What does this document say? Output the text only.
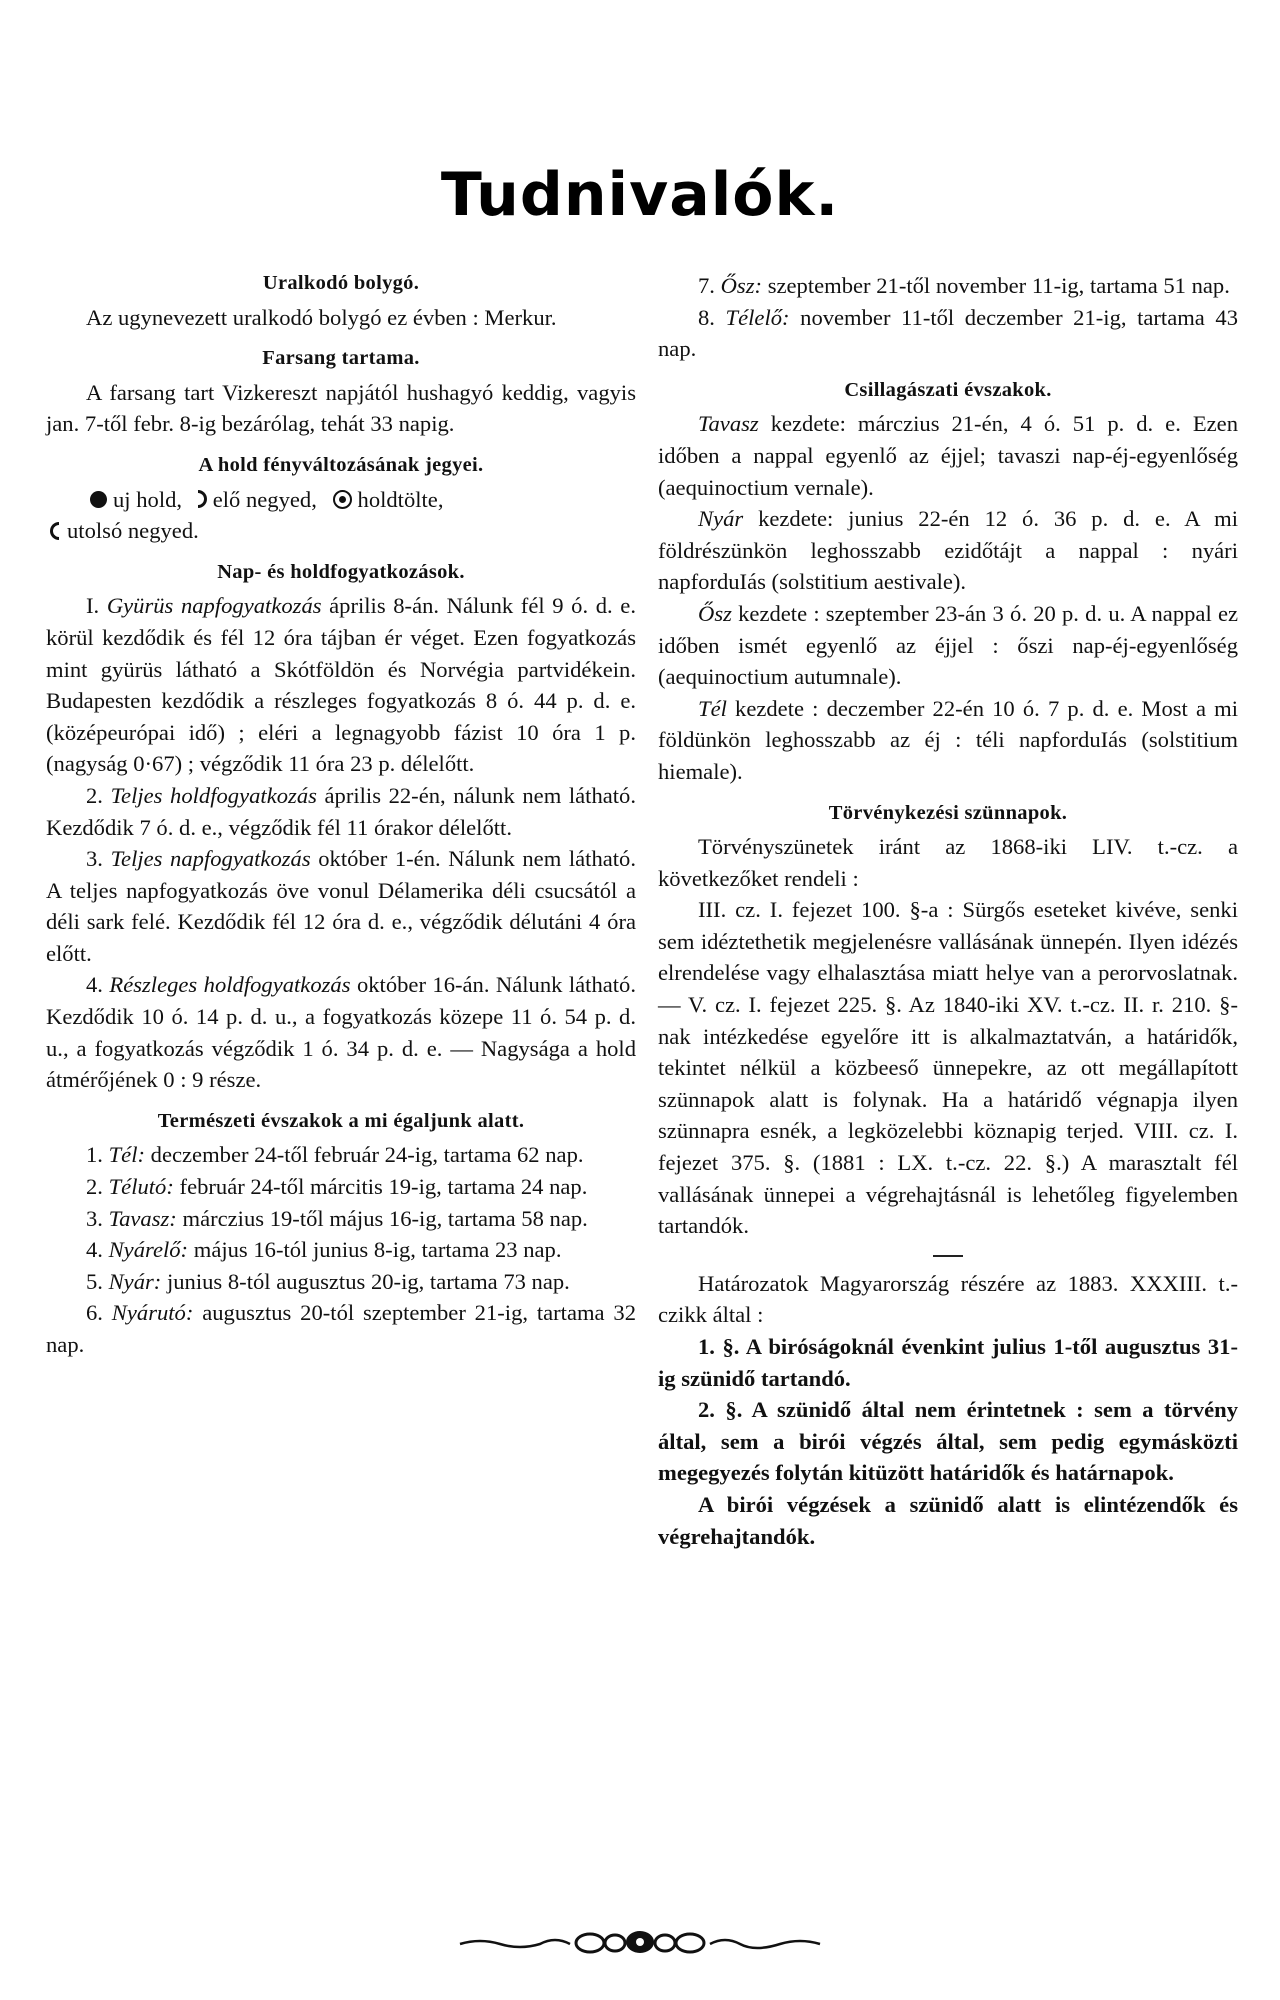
Tudnivalók.
Uralkodó bolygó.

Az ugynevezett uralkodó bolygó ez évben : Merkur.

Farsang tartama.

A farsang tart Vizkereszt napjától hushagyó keddig, vagyis jan. 7-től febr. 8-ig bezárólag, tehát 33 napig.

A hold fényváltozásának jegyei.

uj hold, elő negyed, holdtölte,

utolsó negyed.

Nap- és holdfogyatkozások.

I. Gyürüs napfogyatkozás április 8-án. Nálunk fél 9 ó. d. e. körül kezdődik és fél 12 óra tájban ér véget. Ezen fogyatkozás mint gyürüs látható a Skótföldön és Norvégia partvidékein. Budapesten kezdődik a részleges fogyatkozás 8 ó. 44 p. d. e. (középeurópai idő) ; eléri a legnagyobb fázist 10 óra 1 p. (nagyság 0·67) ; végződik 11 óra 23 p. délelőtt.

2. Teljes holdfogyatkozás április 22-én, nálunk nem látható. Kezdődik 7 ó. d. e., végződik fél 11 órakor délelőtt.

3. Teljes napfogyatkozás október 1-én. Nálunk nem látható. A teljes napfogyatkozás öve vonul Délamerika déli csucsától a déli sark felé. Kezdődik fél 12 óra d. e., végződik délutáni 4 óra előtt.

4. Részleges holdfogyatkozás október 16-án. Nálunk látható. Kezdődik 10 ó. 14 p. d. u., a fogyatkozás közepe 11 ó. 54 p. d. u., a fogyatkozás végződik 1 ó. 34 p. d. e. — Nagysága a hold átmérőjének 0 : 9 része.

Természeti évszakok a mi égaljunk alatt.

1. Tél: deczember 24-től február 24-ig, tartama 62 nap.

2. Télutó: február 24-től márcitis 19-ig, tartama 24 nap.

3. Tavasz: márczius 19-től május 16-ig, tartama 58 nap.

4. Nyárelő: május 16-tól junius 8-ig, tartama 23 nap.

5. Nyár: junius 8-tól augusztus 20-ig, tartama 73 nap.

6. Nyárutó: augusztus 20-tól szeptember 21-ig, tartama 32 nap.

7. Ősz: szeptember 21-től november 11-ig, tartama 51 nap.

8. Télelő: november 11-től deczember 21-ig, tartama 43 nap.

Csillagászati évszakok.

Tavasz kezdete: márczius 21-én, 4 ó. 51 p. d. e. Ezen időben a nappal egyenlő az éjjel; tavaszi nap-éj-egyenlőség (aequinoctium vernale).

Nyár kezdete: junius 22-én 12 ó. 36 p. d. e. A mi földrészünkön leghosszabb ezidőtájt a nappal : nyári napforduIás (solstitium aestivale).

Ősz kezdete : szeptember 23-án 3 ó. 20 p. d. u. A nappal ez időben ismét egyenlő az éjjel : őszi nap-éj-egyenlőség (aequinoctium autumnale).

Tél kezdete : deczember 22-én 10 ó. 7 p. d. e. Most a mi földünkön leghosszabb az éj : téli napforduIás (solstitium hiemale).

Törvénykezési szünnapok.

Törvényszünetek iránt az 1868-iki LIV. t.-cz. a következőket rendeli :

III. cz. I. fejezet 100. §-a : Sürgős eseteket kivéve, senki sem idéztethetik megjelenésre vallásának ünnepén. Ilyen idézés elrendelése vagy elhalasztása miatt helye van a perorvoslatnak. — V. cz. I. fejezet 225. §. Az 1840-iki XV. t.-cz. II. r. 210. §-nak intézkedése egyelőre itt is alkalmaztatván, a határidők, tekintet nélkül a közbeeső ünnepekre, az ott megállapított szünnapok alatt is folynak. Ha a határidő végnapja ilyen szünnapra esnék, a legközelebbi köznapig terjed. VIII. cz. I. fejezet 375. §. (1881 : LX. t.-cz. 22. §.) A marasztalt fél vallásának ünnepei a végrehajtásnál is lehetőleg figyelemben tartandók.

Határozatok Magyarország részére az 1883. XXXIII. t.-czikk által :

1. §. A biróságoknál évenkint julius 1-től augusztus 31-ig szünidő tartandó.

2. §. A szünidő által nem érintetnek : sem a törvény által, sem a birói végzés által, sem pedig egymásközti megegyezés folytán kitüzött határidők és határnapok.

A birói végzések a szünidő alatt is elintézendők és végrehajtandók.
